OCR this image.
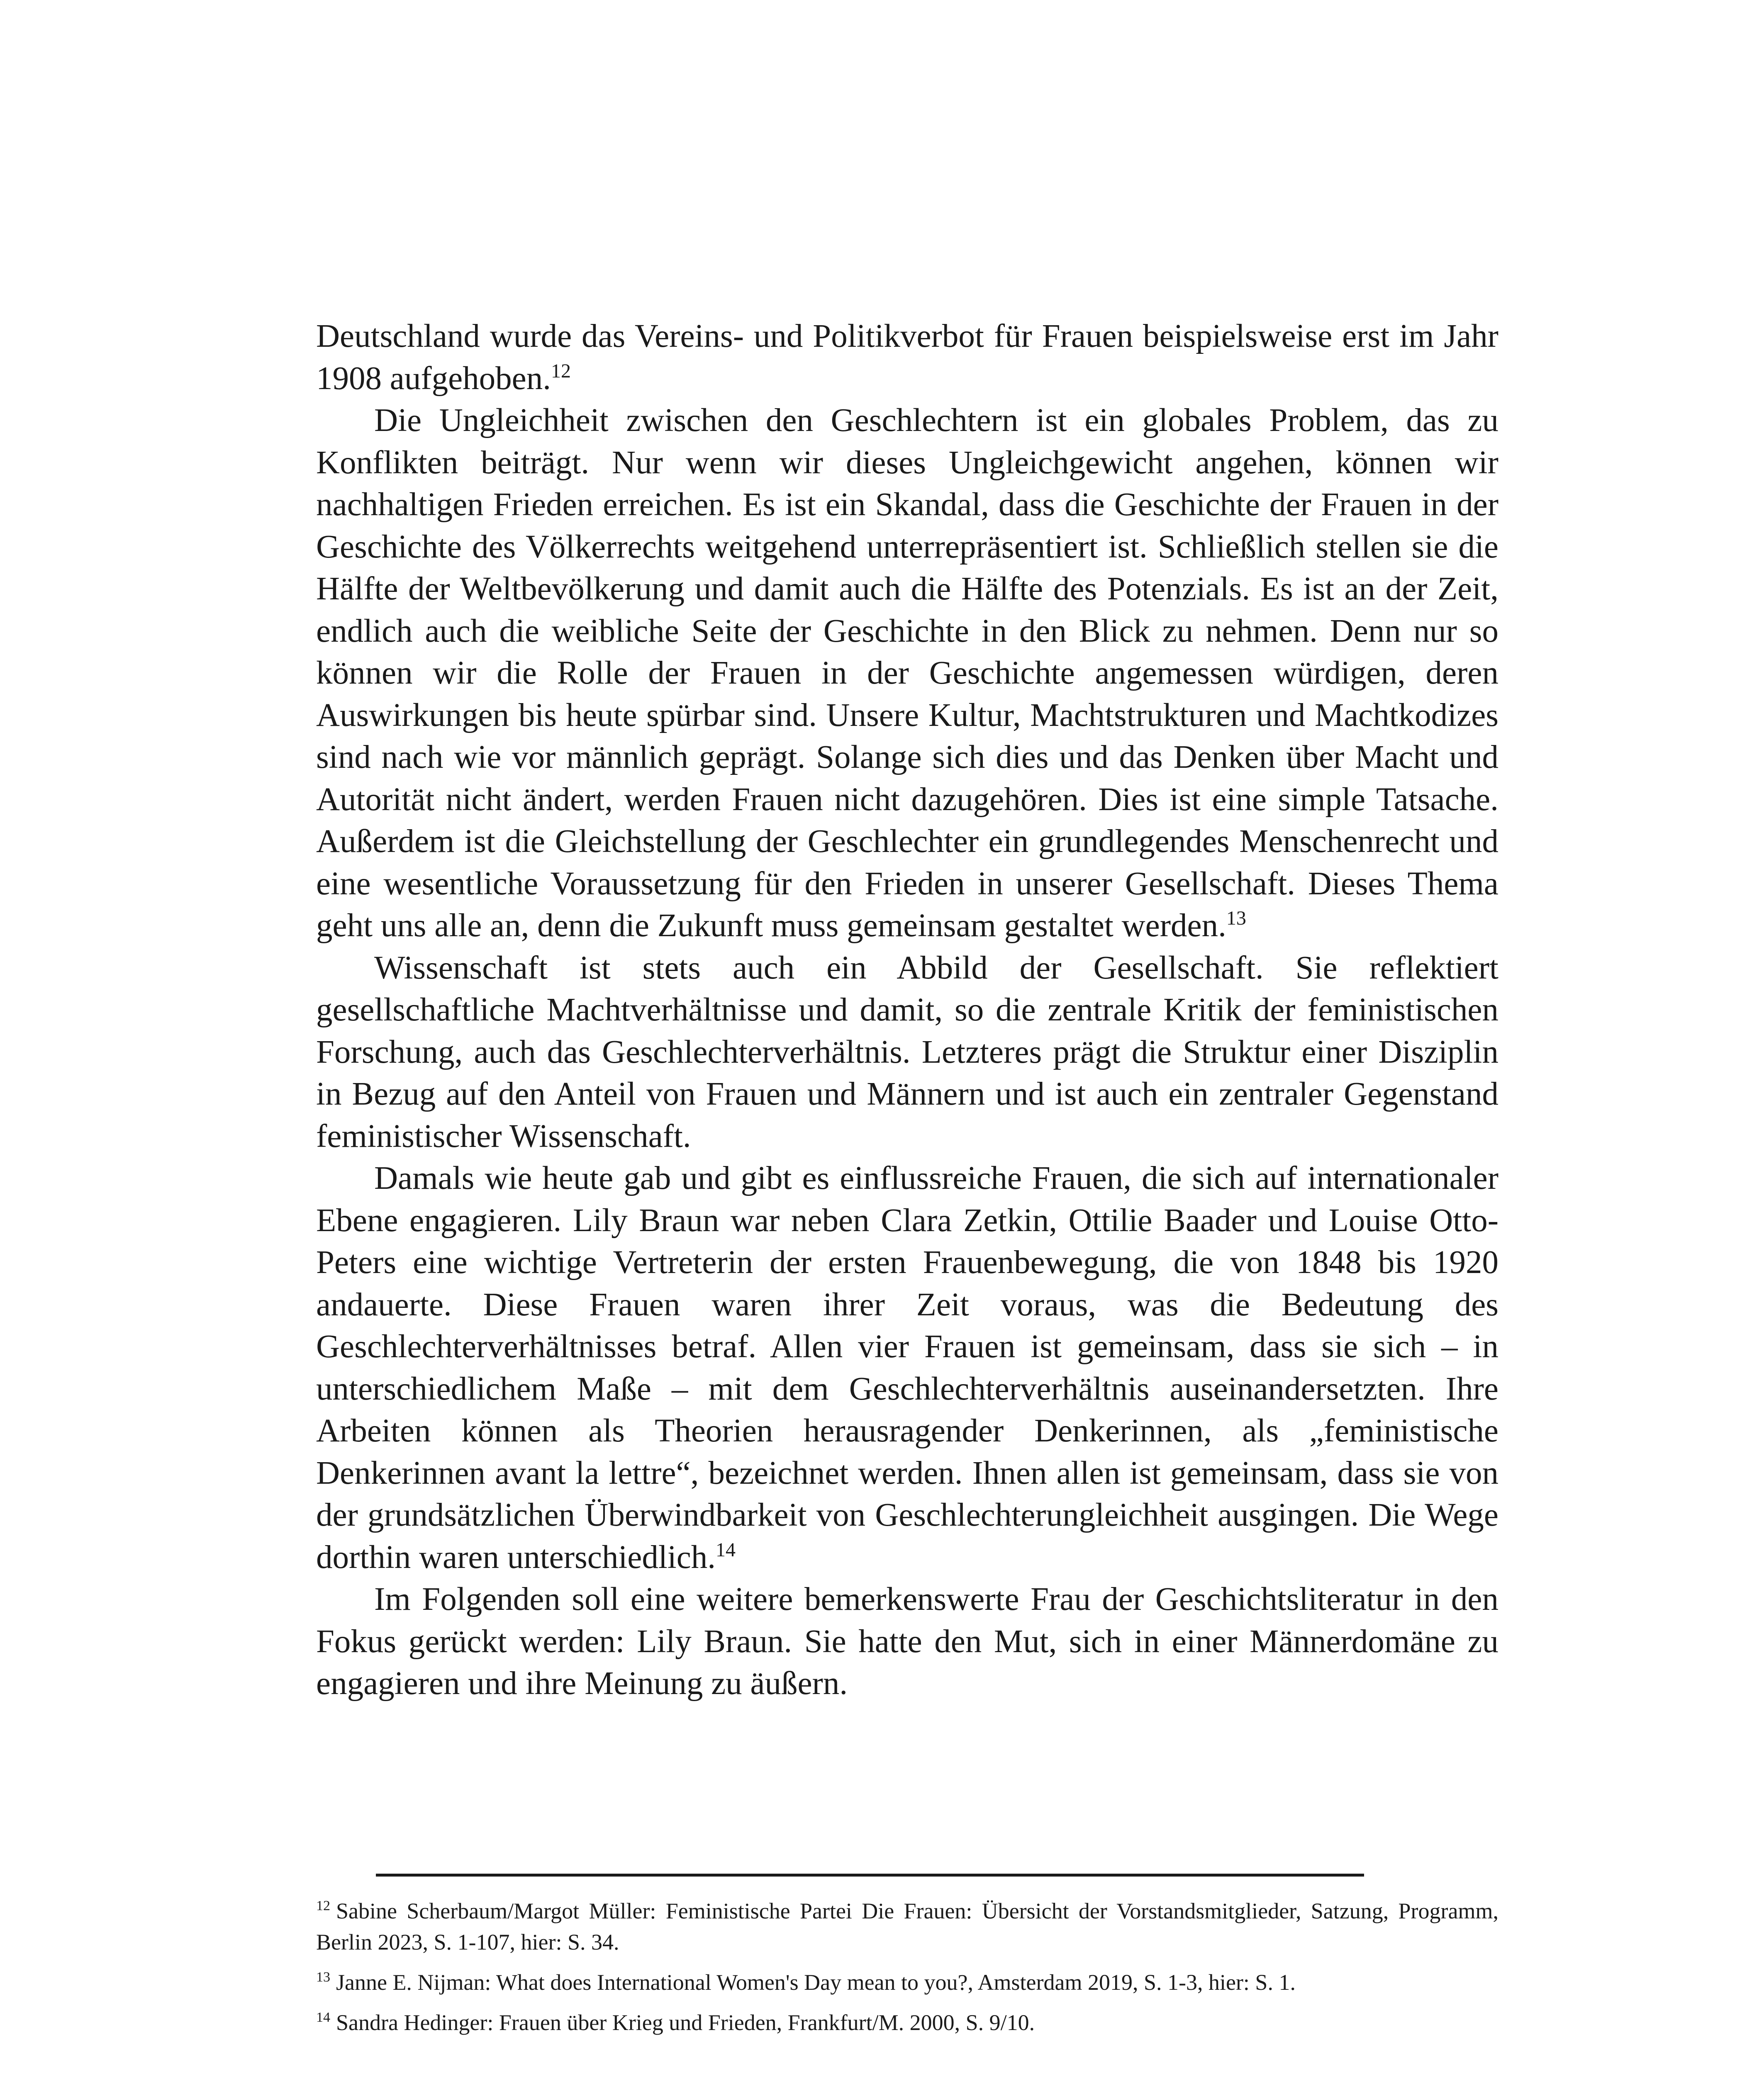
Deutschland wurde das Vereins- und Politikverbot für Frauen beispielsweise erst im Jahr 1908 aufgehoben.$^{12}$

Die Ungleichheit zwischen den Geschlechtern ist ein globales Problem, das zu Konflikten beiträgt. Nur wenn wir dieses Ungleichgewicht angehen, können wir nachhaltigen Frieden erreichen. Es ist ein Skandal, dass die Geschichte der Frauen in der Geschichte des Völkerrechts weitgehend unterrepräsentiert ist. Schließlich stellen sie die Hälfte der Weltbevölkerung und damit auch die Hälfte des Potenzials. Es ist an der Zeit, endlich auch die weibliche Seite der Geschichte in den Blick zu nehmen. Denn nur so können wir die Rolle der Frauen in der Geschichte angemessen würdigen, deren Auswirkungen bis heute spürbar sind. Unsere Kultur, Machtstrukturen und Machtkodizes sind nach wie vor männlich geprägt. Solange sich dies und das Denken über Macht und Autorität nicht ändert, werden Frauen nicht dazugehören. Dies ist eine simple Tatsache. Außerdem ist die Gleichstellung der Geschlechter ein grundlegendes Menschenrecht und eine wesentliche Voraussetzung für den Frieden in unserer Gesellschaft. Dieses Thema geht uns alle an, denn die Zukunft muss gemeinsam gestaltet werden.$^{13}$

Wissenschaft ist stets auch ein Abbild der Gesellschaft. Sie reflektiert gesellschaftliche Machtverhältnisse und damit, so die zentrale Kritik der feministischen Forschung, auch das Geschlechterverhältnis. Letzteres prägt die Struktur einer Disziplin in Bezug auf den Anteil von Frauen und Männern und ist auch ein zentraler Gegenstand feministischer Wissenschaft.

Damals wie heute gab und gibt es einflussreiche Frauen, die sich auf internationaler Ebene engagieren. Lily Braun war neben Clara Zetkin, Ottilie Baader und Louise Otto-Peters eine wichtige Vertreterin der ersten Frauenbewegung, die von 1848 bis 1920 andauerte. Diese Frauen waren ihrer Zeit voraus, was die Bedeutung des Geschlechterverhältnisses betraf. Allen vier Frauen ist gemeinsam, dass sie sich – in unterschiedlichem Maße – mit dem Geschlechterverhältnis auseinandersetzten. Ihre Arbeiten können als Theorien herausragender Denkerinnen, als „feministische Denkerinnen avant la lettre“, bezeichnet werden. Ihnen allen ist gemeinsam, dass sie von der grundsätzlichen Überwindbarkeit von Geschlechterungleichheit ausgingen. Die Wege dorthin waren unterschiedlich.$^{14}$

Im Folgenden soll eine weitere bemerkenswerte Frau der Geschichtsliteratur in den Fokus gerückt werden: Lily Braun. Sie hatte den Mut, sich in einer Männerdomäne zu engagieren und ihre Meinung zu äußern.

$^{12}$ Sabine Scherbaum/Margot Müller: Feministische Partei Die Frauen: Übersicht der Vorstandsmitglieder, Satzung, Programm, Berlin 2023, S. 1-107, hier: S. 34.

$^{13}$ Janne E. Nijman: What does International Women's Day mean to you?, Amsterdam 2019, S. 1-3, hier: S. 1.

$^{14}$ Sandra Hedinger: Frauen über Krieg und Frieden, Frankfurt/M. 2000, S. 9/10.
